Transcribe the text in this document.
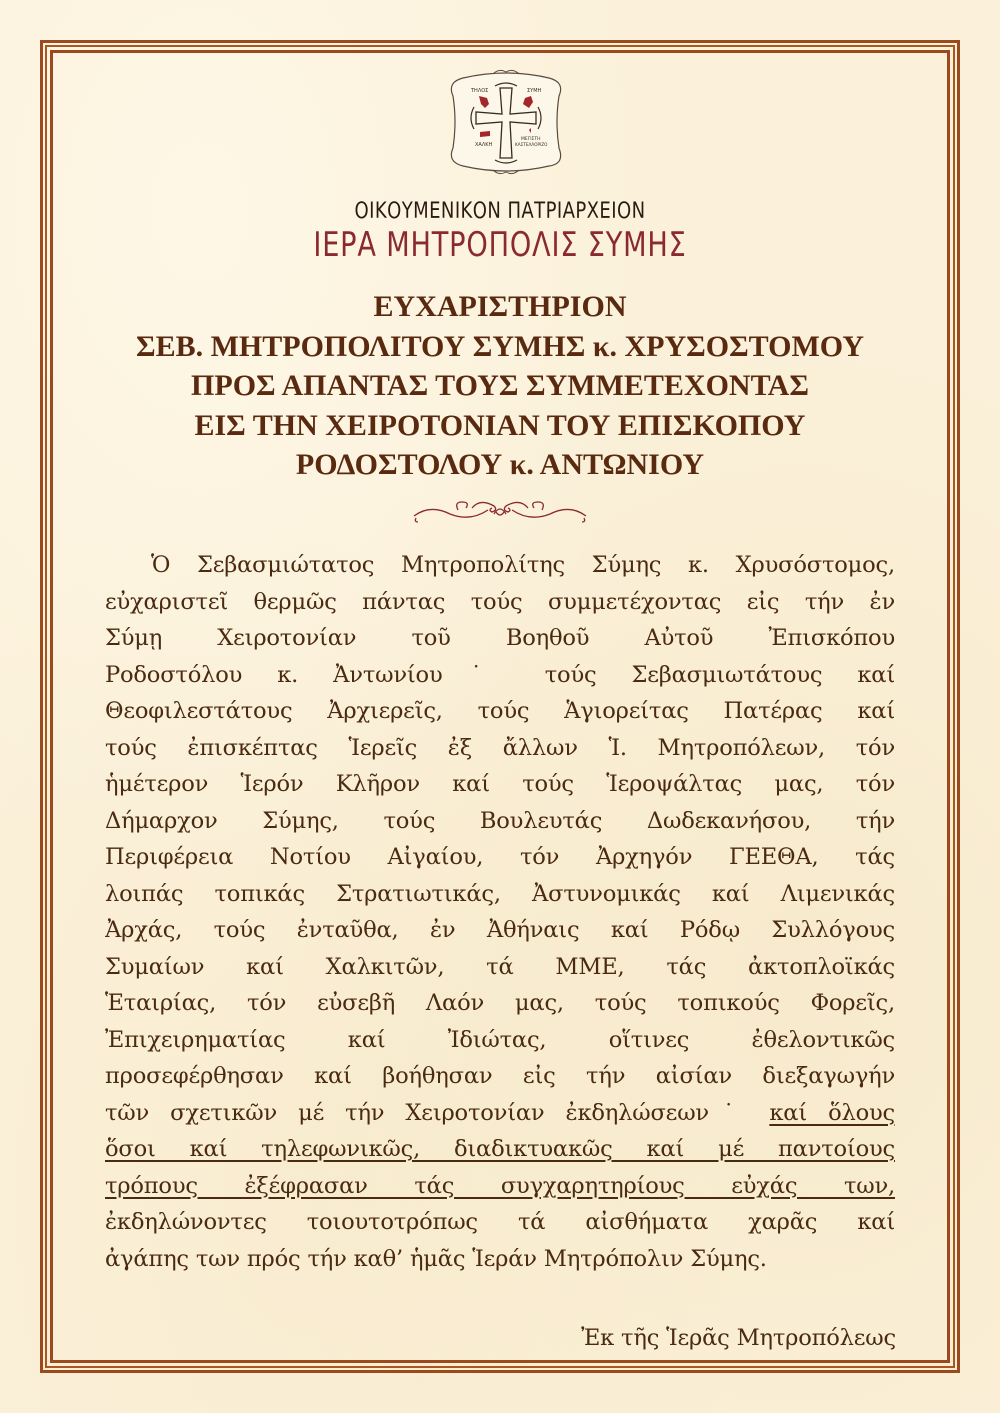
ΤΗΛΟΣ	ΣΥΜΗ
ΧΑΛΚΗ
ΜΕΓΙΣΤΗ
ΚΑΣΤΕΛΛΟΡΙΖΟ
ΟΙΚΟΥΜΕΝΙΚΟΝ ΠΑΤΡΙΑΡΧΕΙΟΝ
ΙΕΡΑ ΜΗΤΡΟΠΟΛΙΣ ΣΥΜΗΣ
ΕΥΧΑΡΙΣΤΗΡΙΟΝ
ΣΕΒ. ΜΗΤΡΟΠΟΛΙΤΟΥ ΣΥΜΗΣ κ. ΧΡΥΣΟΣΤΟΜΟΥ
ΠΡΟΣ ΑΠΑΝΤΑΣ ΤΟΥΣ ΣΥΜΜΕΤΕΧΟΝΤΑΣ
ΕΙΣ ΤΗΝ ΧΕΙΡΟΤΟΝΙΑΝ ΤΟΥ ΕΠΙΣΚΟΠΟΥ
ΡΟΔΟΣΤΟΛΟΥ κ. ΑΝΤΩΝΙΟΥ
Ὁ Σεβασμιώτατος Μητροπολίτης Σύμης κ. Χρυσόστομος,
εὐχαριστεῖ θερμῶς πάντας τούς συμμετέχοντας εἰς τήν ἐν
Σύμῃ Χειροτονίαν τοῦ Βοηθοῦ Αὐτοῦ Ἐπισκόπου
Ροδοστόλου κ. Ἀντωνίου˙ τούς Σεβασμιωτάτους καί
Θεοφιλεστάτους Ἀρχιερεῖς, τούς Ἁγιορείτας Πατέρας καί
τούς ἐπισκέπτας Ἱερεῖς ἐξ ἄλλων Ἱ. Μητροπόλεων, τόν
ἡμέτερον Ἱερόν Κλῆρον καί τούς Ἱεροψάλτας μας, τόν
Δήμαρχον Σύμης, τούς Βουλευτάς Δωδεκανήσου, τήν
Περιφέρεια Νοτίου Αἰγαίου, τόν Ἀρχηγόν ΓΕΕΘΑ, τάς
λοιπάς τοπικάς Στρατιωτικάς, Ἀστυνομικάς καί Λιμενικάς
Ἀρχάς, τούς ἐνταῦθα, ἐν Ἀθήναις καί Ρόδῳ Συλλόγους
Συμαίων καί Χαλκιτῶν, τά ΜΜΕ, τάς ἀκτοπλοϊκάς
Ἑταιρίας, τόν εὐσεβῆ Λαόν μας, τούς τοπικούς Φορεῖς,
Ἐπιχειρηματίας καί Ἰδιώτας, οἵτινες ἐθελοντικῶς
προσεφέρθησαν καί βοήθησαν εἰς τήν αἰσίαν διεξαγωγήν
τῶν σχετικῶν μέ τήν Χειροτονίαν ἐκδηλώσεων˙ καί ὅλους
ὅσοι καί τηλεφωνικῶς, διαδικτυακῶς καί μέ παντοίους
τρόπους ἐξέφρασαν τάς συγχαρητηρίους εὐχάς των,
ἐκδηλώνοντες τοιουτοτρόπως τά αἰσθήματα χαρᾶς καί
ἀγάπης των πρός τήν καθ’ ἡμᾶς Ἱεράν Μητρόπολιν Σύμης.
Ἐκ τῆς Ἱερᾶς Μητροπόλεως
